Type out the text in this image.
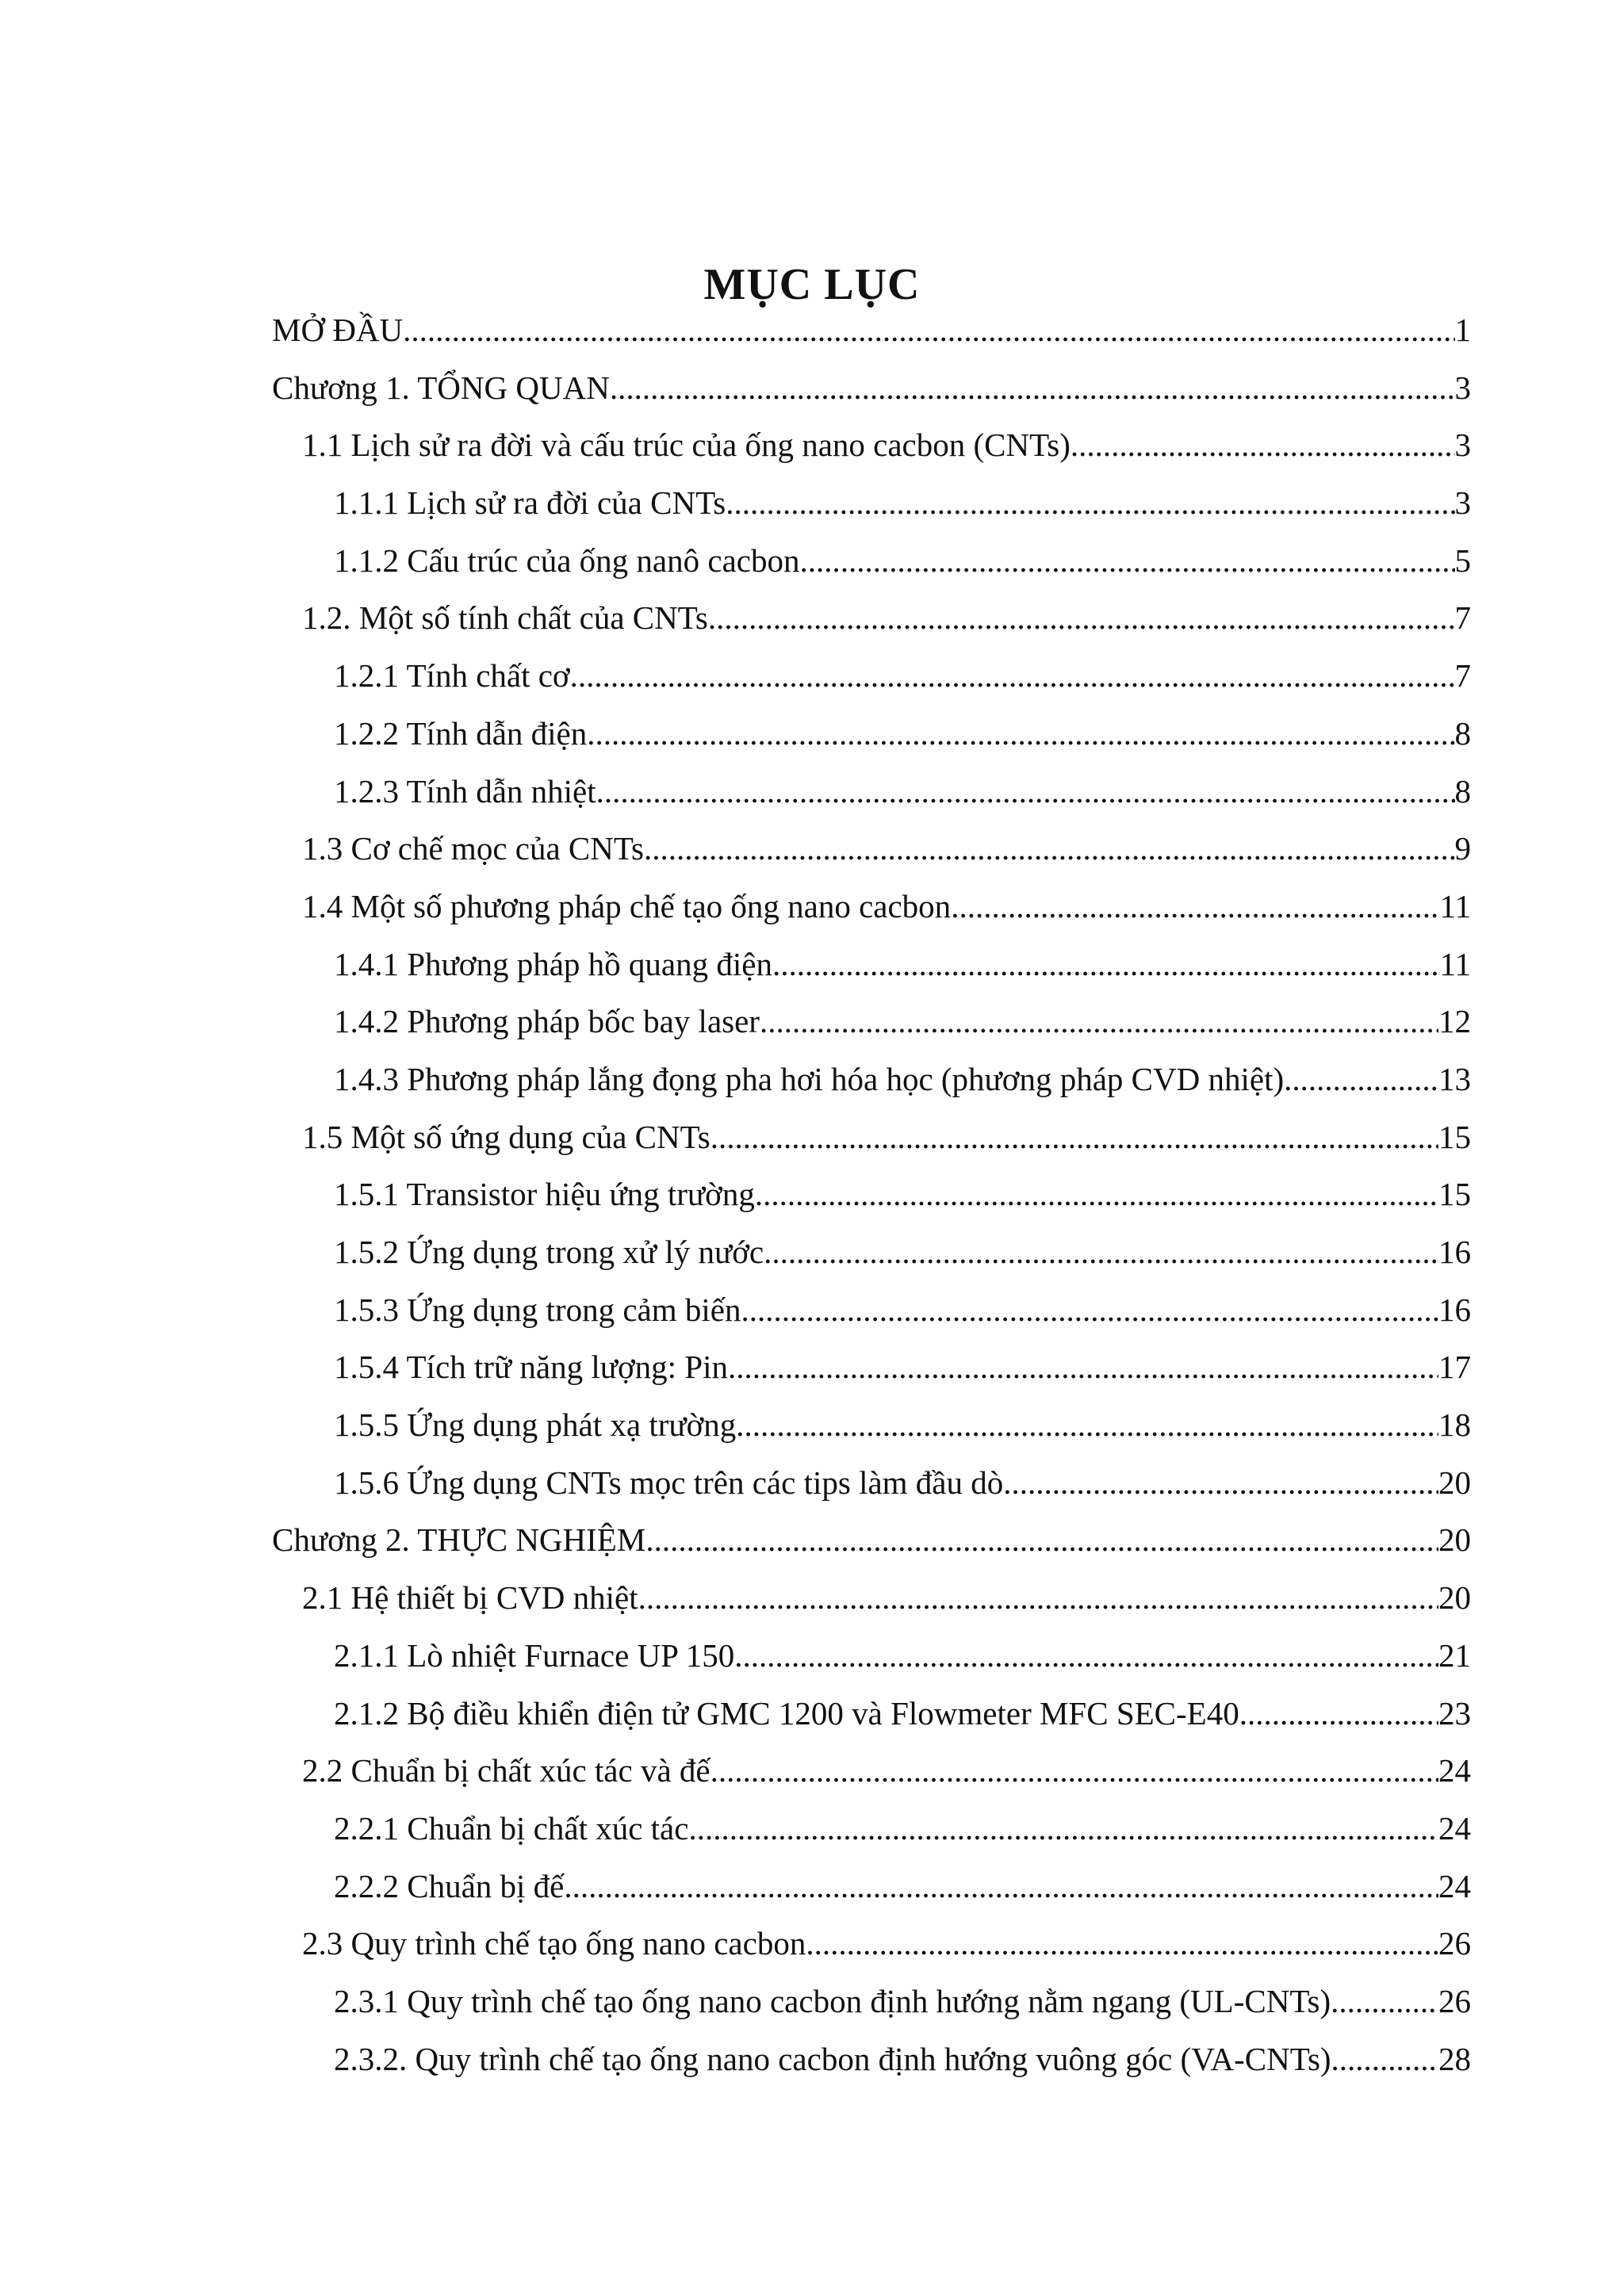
MỤC LỤC
MỞ ĐẦU .....	1
Chương 1. TỔNG QUAN .....	3
1.1 Lịch sử ra đời và cấu trúc của ống nano cacbon (CNTs) .....	3
1.1.1 Lịch sử ra đời của CNTs .....	3
1.1.2 Cấu trúc của ống nanô cacbon .....	5
1.2. Một số tính chất của CNTs .....	7
1.2.1 Tính chất cơ .....	7
1.2.2 Tính dẫn điện .....	8
1.2.3 Tính dẫn nhiệt .....	8
1.3 Cơ chế mọc của CNTs .....	9
1.4 Một số phương pháp chế tạo ống nano cacbon .....	11
1.4.1 Phương pháp hồ quang điện .....	11
1.4.2 Phương pháp bốc bay laser .....	12
1.4.3 Phương pháp lắng đọng pha hơi hóa học (phương pháp CVD nhiệt) .....	13
1.5 Một số ứng dụng của CNTs .....	15
1.5.1 Transistor hiệu ứng trường .....	15
1.5.2 Ứng dụng trong xử lý nước .....	16
1.5.3 Ứng dụng trong cảm biến. .....	16
1.5.4 Tích trữ năng lượng: Pin .....	17
1.5.5 Ứng dụng phát xạ trường .....	18
1.5.6 Ứng dụng CNTs mọc trên các tips làm đầu dò .....	20
Chương 2. THỰC NGHIỆM .....	20
2.1 Hệ thiết bị CVD nhiệt .....	20
2.1.1 Lò nhiệt Furnace UP 150 .....	21
2.1.2 Bộ điều khiển điện tử GMC 1200 và Flowmeter MFC SEC-E40 .....	23
2.2 Chuẩn bị chất xúc tác và đế .....	24
2.2.1 Chuẩn bị chất xúc tác .....	24
2.2.2 Chuẩn bị đế .....	24
2.3 Quy trình chế tạo ống nano cacbon .....	26
2.3.1 Quy trình chế tạo ống nano cacbon định hướng nằm ngang (UL-CNTs) .....	26
2.3.2. Quy trình chế tạo ống nano cacbon định hướng vuông góc (VA-CNTs) .....	28
